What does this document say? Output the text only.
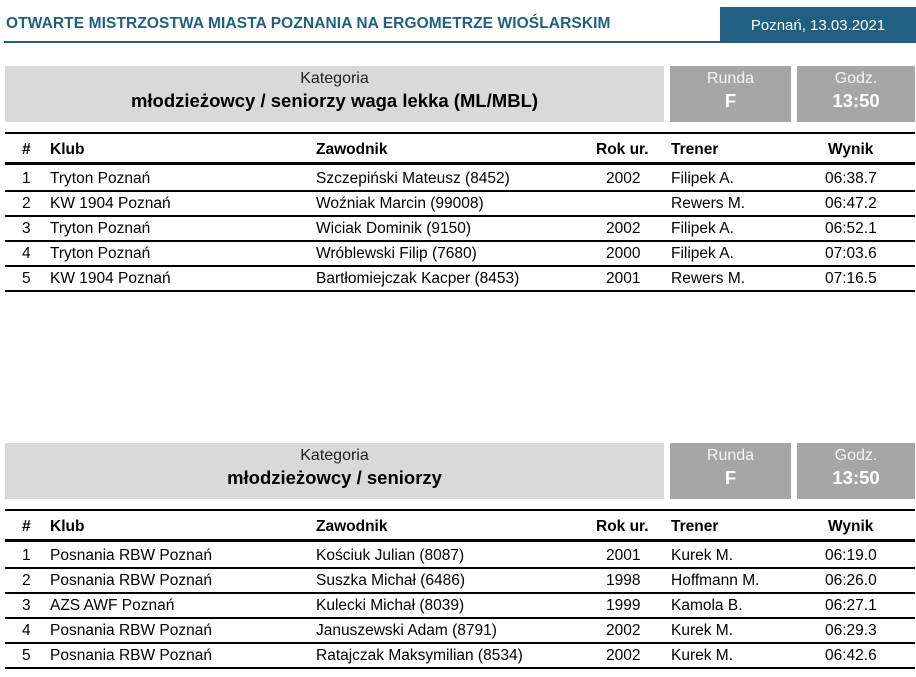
OTWARTE MISTRZOSTWA MIASTA POZNANIA NA ERGOMETRZE WIOŚLARSKIM	Poznań, 13.03.2021
Kategoria
młodzieżowcy / seniorzy waga lekka (ML/MBL)
Runda
F
Godz.
13:50
# Klub	Zawodnik	Rok ur. Trener	Wynik
1 Tryton Poznań	Szczepiński Mateusz (8452)	2002 Filipek A.	06:38.7
2 KW 1904 Poznań	Woźniak Marcin (99008)	Rewers M.	06:47.2
3 Tryton Poznań	Wiciak Dominik (9150)	2002 Filipek A.	06:52.1
4 Tryton Poznań	Wróblewski Filip (7680)	2000 Filipek A.	07:03.6
5 KW 1904 Poznań	Bartłomiejczak Kacper (8453)	2001 Rewers M.	07:16.5
Kategoria
młodzieżowcy / seniorzy
Runda
F
Godz.
13:50
# Klub	Zawodnik	Rok ur. Trener	Wynik
1 Posnania RBW Poznań	Kościuk Julian (8087)	2001 Kurek M.	06:19.0
2 Posnania RBW Poznań	Suszka Michał (6486)	1998 Hoffmann M.	06:26.0
3 AZS AWF Poznań	Kulecki Michał (8039)	1999 Kamola B.	06:27.1
4 Posnania RBW Poznań	Januszewski Adam (8791)	2002 Kurek M.	06:29.3
5 Posnania RBW Poznań	Ratajczak Maksymilian (8534)	2002 Kurek M.	06:42.6
